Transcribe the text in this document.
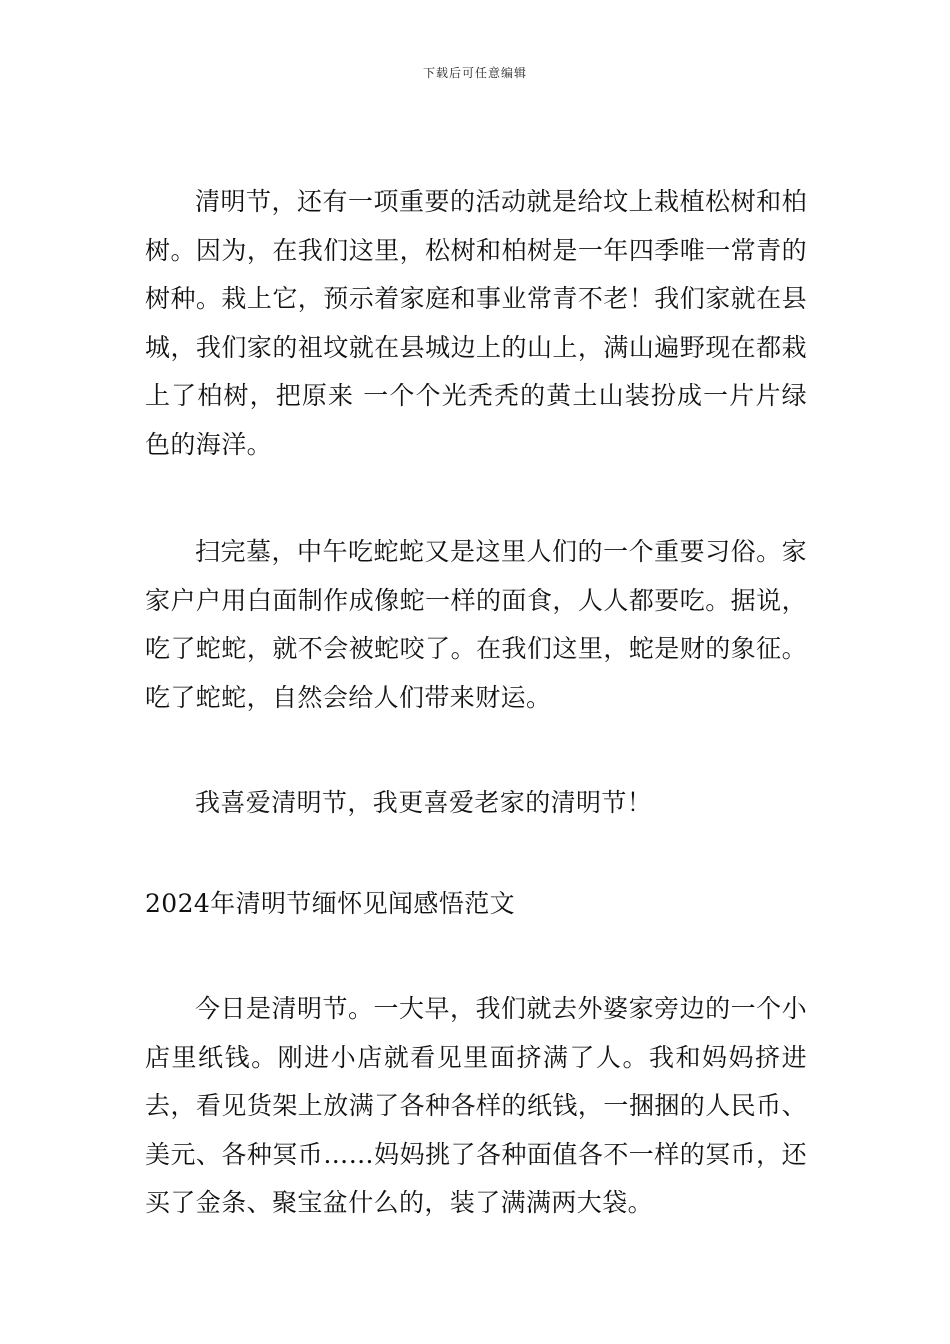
下载后可任意编辑

清明节，还有一项重要的活动就是给坟上栽植松树和柏树。因为，在我们这里，松树和柏树是一年四季唯一常青的树种。栽上它，预示着家庭和事业常青不老！我们家就在县城，我们家的祖坟就在县城边上的山上，满山遍野现在都栽上了柏树，把原来 一个个光秃秃的黄土山装扮成一片片绿色的海洋。

扫完墓，中午吃蛇蛇又是这里人们的一个重要习俗。家家户户用白面制作成像蛇一样的面食，人人都要吃。据说，吃了蛇蛇，就不会被蛇咬了。在我们这里，蛇是财的象征。吃了蛇蛇，自然会给人们带来财运。

我喜爱清明节，我更喜爱老家的清明节！

2024年清明节缅怀见闻感悟范文

今日是清明节。一大早，我们就去外婆家旁边的一个小店里纸钱。刚进小店就看见里面挤满了人。我和妈妈挤进去，看见货架上放满了各种各样的纸钱，一捆捆的人民币、美元、各种冥币……妈妈挑了各种面值各不一样的冥币，还买了金条、聚宝盆什么的，装了满满两大袋。
